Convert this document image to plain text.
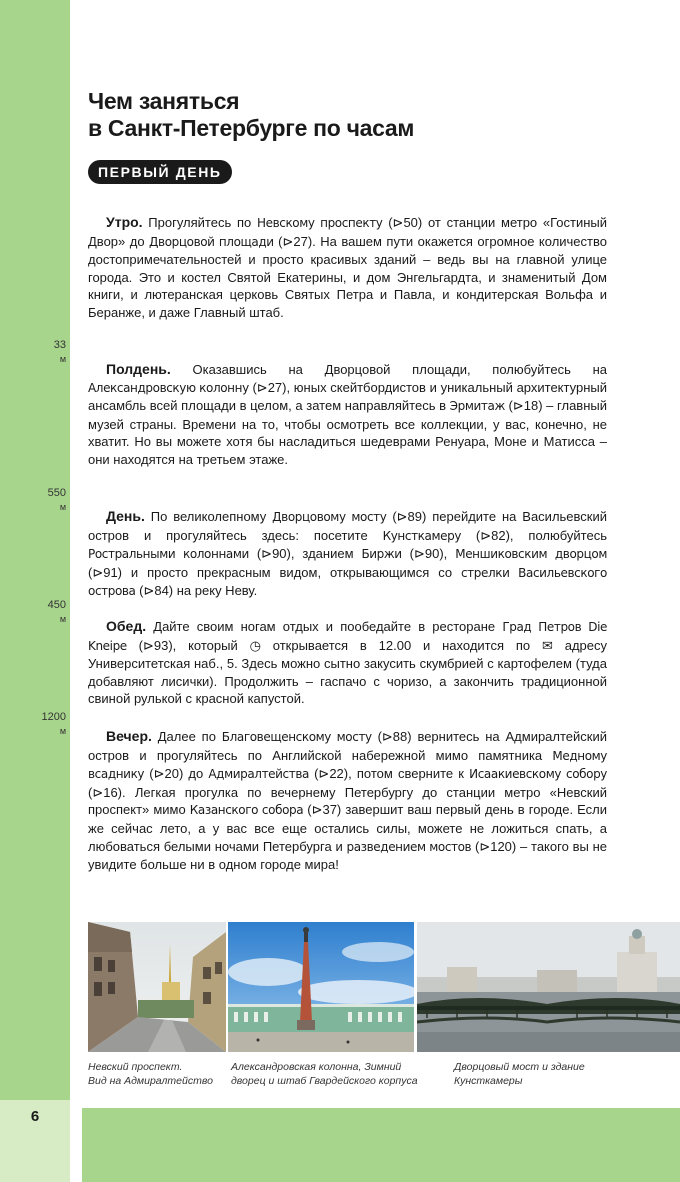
6
Чем заняться
в Санкт-Петербурге по часам
ПЕРВЫЙ ДЕНЬ
33
м
550
м
450
м
1200
м

Утро. Прогуляйтесь по Невскому проспекту (⊳50) от станции метро «Гостиный Двор» до Дворцовой площади (⊳27). На вашем пути окажется огромное количество достопримечательностей и просто красивых зданий – ведь вы на главной улице города. Это и костел Святой Екатерины, и дом Энгельгардта, и знаменитый Дом книги, и лютеранская церковь Святых Петра и Павла, и кондитерская Вольфа и Беранже, и даже Главный штаб.

Полдень. Оказавшись на Дворцовой площади, полюбуйтесь на Александровскую колонну (⊳27), юных скейтбордистов и уникальный архитектурный ансамбль всей площади в целом, а затем направляйтесь в Эрмитаж (⊳18) – главный музей страны. Времени на то, чтобы осмотреть все коллекции, у вас, конечно, не хватит. Но вы можете хотя бы насладиться шедеврами Ренуара, Моне и Матисса – они находятся на третьем этаже.

День. По великолепному Дворцовому мосту (⊳89) перейдите на Васильевский остров и прогуляйтесь здесь: посетите Кунсткамеру (⊳82), полюбуйтесь Ростральными колоннами (⊳90), зданием Биржи (⊳90), Меншиковским дворцом (⊳91) и просто прекрасным видом, открывающимся со стрелки Васильевского острова (⊳84) на реку Неву.

Обед. Дайте своим ногам отдых и пообедайте в ресторане Град Петров Die Kneipe (⊳93), который ◷ открывается в 12.00 и находится по ✉ адресу Университетская наб., 5. Здесь можно сытно закусить скумбрией с картофелем (туда добавляют лисички). Продолжить – гаспачо с чоризо, а закончить традиционной свиной рулькой с красной капустой.

Вечер. Далее по Благовещенскому мосту (⊳88) вернитесь на Адмиралтейский остров и прогуляйтесь по Английской набережной мимо памятника Медному всаднику (⊳20) до Адмиралтейства (⊳22), потом сверните к Исаакиевскому собору (⊳16). Легкая прогулка по вечернему Петербургу до станции метро «Невский проспект» мимо Казанского собора (⊳37) завершит ваш первый день в городе. Если же сейчас лето, а у вас все еще остались силы, можете не ложиться спать, а любоваться белыми ночами Петербурга и разведением мостов (⊳120) – такого вы не увидите больше ни в одном городе мира!

Невский проспект.
Вид на Адмиралтейство
Александровская колонна, Зимний
дворец и штаб Гвардейского корпуса
Дворцовый мост и здание
Кунсткамеры
